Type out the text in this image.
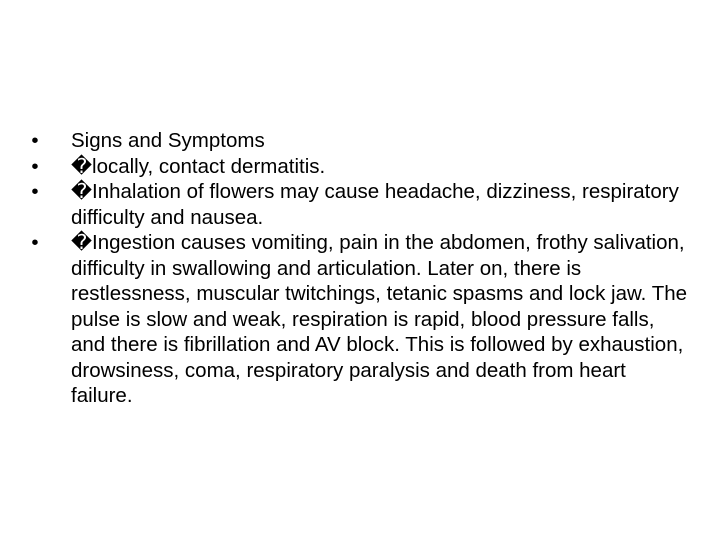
• Signs and Symptoms
• �locally, contact dermatitis.
• �Inhalation of flowers may cause headache, dizziness, respiratory difficulty and nausea.
• �Ingestion causes vomiting, pain in the abdomen, frothy salivation, difficulty in swallowing and articulation. Later on, there is restlessness, muscular twitchings, tetanic spasms and lock jaw. The pulse is slow and weak, respiration is rapid, blood pressure falls, and there is fibrillation and AV block. This is followed by exhaustion, drowsiness, coma, respiratory paralysis and death from heart failure.
